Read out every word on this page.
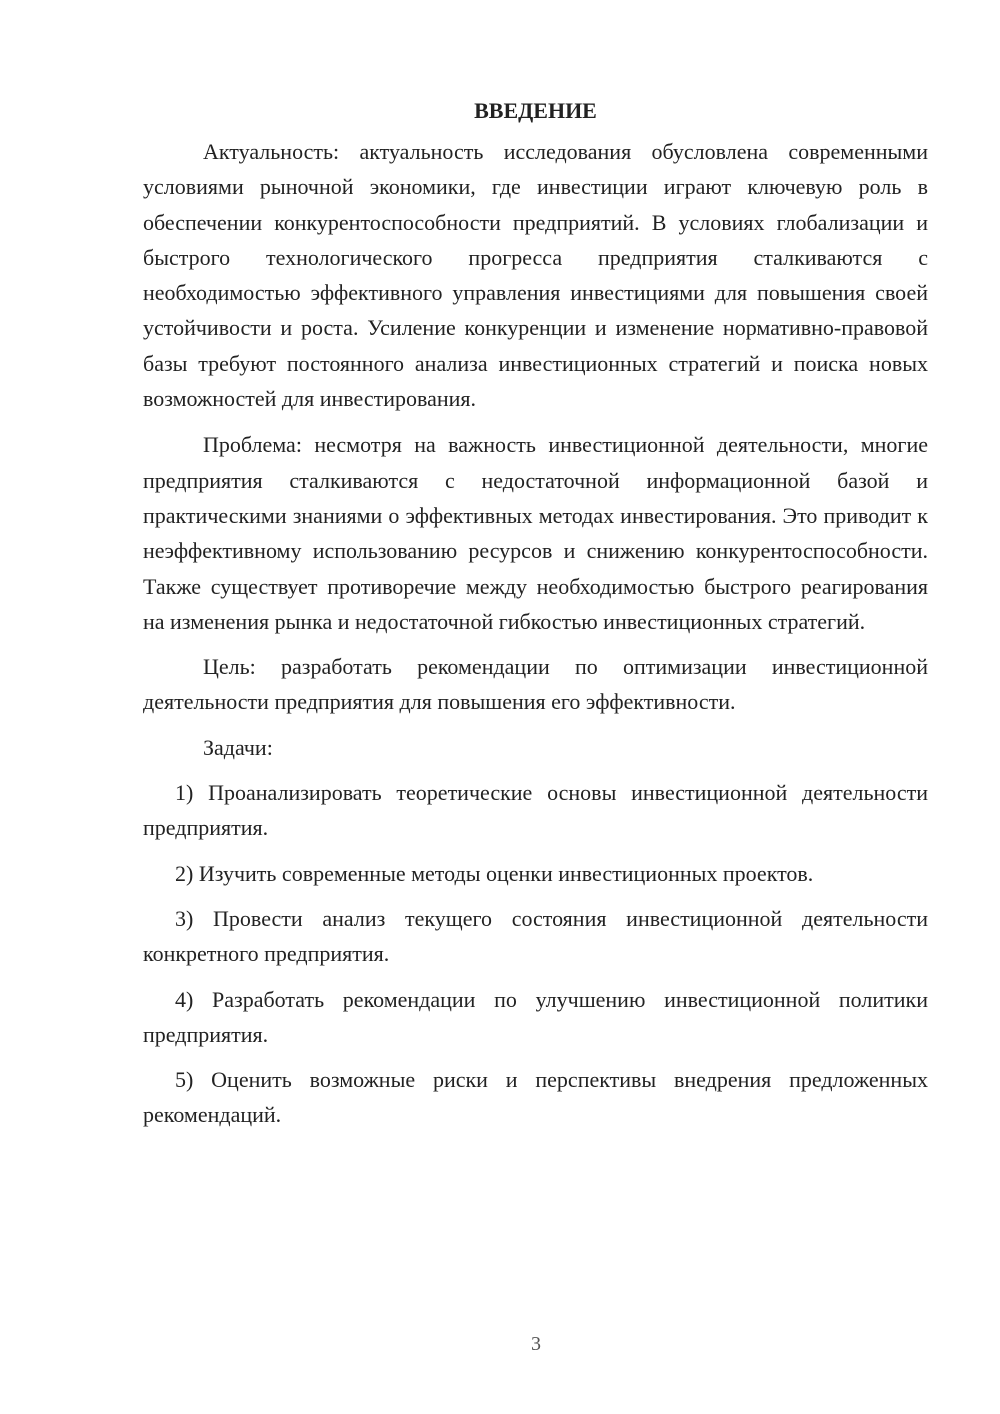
ВВЕДЕНИЕ

Актуальность: актуальность исследования обусловлена современными условиями рыночной экономики, где инвестиции играют ключевую роль в обеспечении конкурентоспособности предприятий. В условиях глобализации и быстрого технологического прогресса предприятия сталкиваются с необходимостью эффективного управления инвестициями для повышения своей устойчивости и роста. Усиление конкуренции и изменение нормативно-правовой базы требуют постоянного анализа инвестиционных стратегий и поиска новых возможностей для инвестирования.

Проблема: несмотря на важность инвестиционной деятельности, многие предприятия сталкиваются с недостаточной информационной базой и практическими знаниями о эффективных методах инвестирования. Это приводит к неэффективному использованию ресурсов и снижению конкурентоспособности. Также существует противоречие между необходимостью быстрого реагирования на изменения рынка и недостаточной гибкостью инвестиционных стратегий.

Цель: разработать рекомендации по оптимизации инвестиционной деятельности предприятия для повышения его эффективности.

Задачи:

1) Проанализировать теоретические основы инвестиционной деятельности предприятия.

2) Изучить современные методы оценки инвестиционных проектов.

3) Провести анализ текущего состояния инвестиционной деятельности конкретного предприятия.

4) Разработать рекомендации по улучшению инвестиционной политики предприятия.

5) Оценить возможные риски и перспективы внедрения предложенных рекомендаций.

3
